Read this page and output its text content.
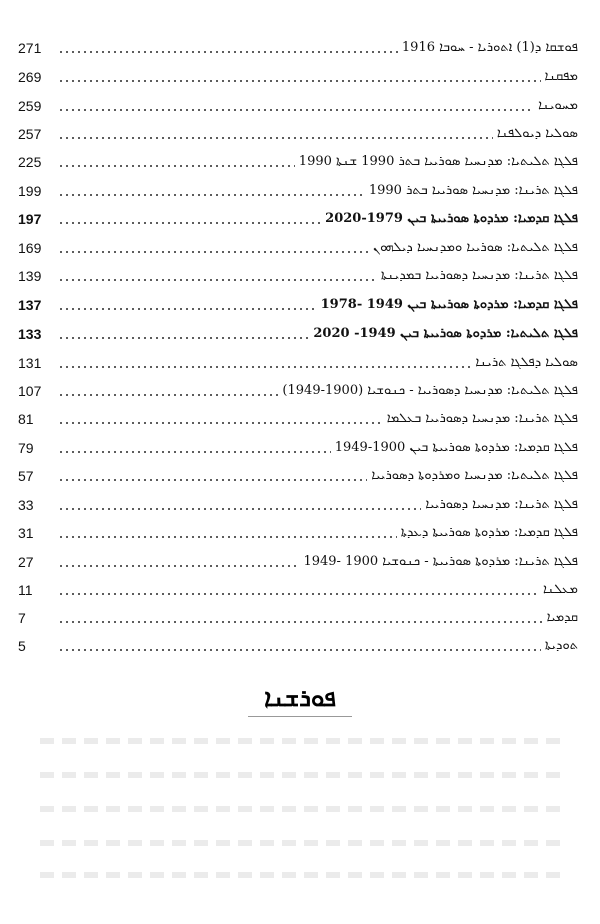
271	ܦܘܫܩܐ ܕ(1) ܐܬܘܪܝܐ - ܚܘܒܐ 1916
269	ܡܦܩܢܐ
259	ܡܚܘܝܢܐ
257	ܣܘܠܝܐ ܕܝܘܠܦܢܐ
225	ܦܠܓܐ ܬܠܝܬܝܐ: ܡܕܢܚܝܐ ܣܘܪܝܝܐ ܒܬܪ 1990 ܫܢܬܐ 1990
199	ܦܠܓܐ ܬܪܝܢܐ: ܡܕܢܚܝܐ ܣܘܪܝܝܐ ܒܬܪ 1990
197	ܦܠܓܐ ܩܕܡܝܐ: ܡܪܕܘܬܐ ܣܘܪܝܝܬܐ ܒܝܢ 1979-2020
169	ܦܠܓܐ ܬܠܝܬܝܐ: ܣܘܪܝܝܐ ܘܡܕܢܚܝܐ ܕܝܠܗܘܢ
139	ܦܠܓܐ ܬܪܝܢܐ: ܡܕܢܚܝܐ ܕܣܘܪܝܝܐ ܒܡܕܝܢܬܐ
137	ܦܠܓܐ ܩܕܡܝܐ: ܡܪܕܘܬܐ ܣܘܪܝܝܬܐ ܒܝܢ 1949 -1978
133	ܦܠܓܐ ܬܠܝܬܝܐ: ܡܪܕܘܬܐ ܣܘܪܝܝܬܐ ܒܝܢ 1949- 2020
131	ܣܘܠܝܐ ܕܦܠܓܐ ܬܪܝܢܐ
107	ܦܠܓܐ ܬܠܝܬܝܐ: ܡܕܢܚܝܐ ܕܣܘܪܝܝܐ - ܟܢܘܫܝܐ (1900-1949)
81	ܦܠܓܐ ܬܪܝܢܐ: ܡܕܢܚܝܐ ܕܣܘܪܝܝܐ ܒܥܠܡܐ
79	ܦܠܓܐ ܩܕܡܝܐ: ܡܪܕܘܬܐ ܣܘܪܝܝܬܐ ܒܝܢ 1900-1949
57	ܦܠܓܐ ܬܠܝܬܝܐ: ܡܕܢܚܝܐ ܘܡܪܕܘܬܐ ܕܣܘܪܝܝܐ
33	ܦܠܓܐ ܬܪܝܢܐ: ܡܕܢܚܝܐ ܕܣܘܪܝܝܐ
31	ܦܠܓܐ ܩܕܡܝܐ: ܡܪܕܘܬܐ ܣܘܪܝܝܬܐ ܕܥܕܬܐ
27	ܦܠܓܐ ܬܪܝܢܐ: ܡܪܕܘܬܐ ܣܘܪܝܝܬܐ - ܟܢܘܫܝܐ 1900 -1949
11	ܡܥܠܢܐ
7	ܩܕܡܝܐ
5	ܬܘܕܝܬܐ
ܦܘܪܫܢܐ
